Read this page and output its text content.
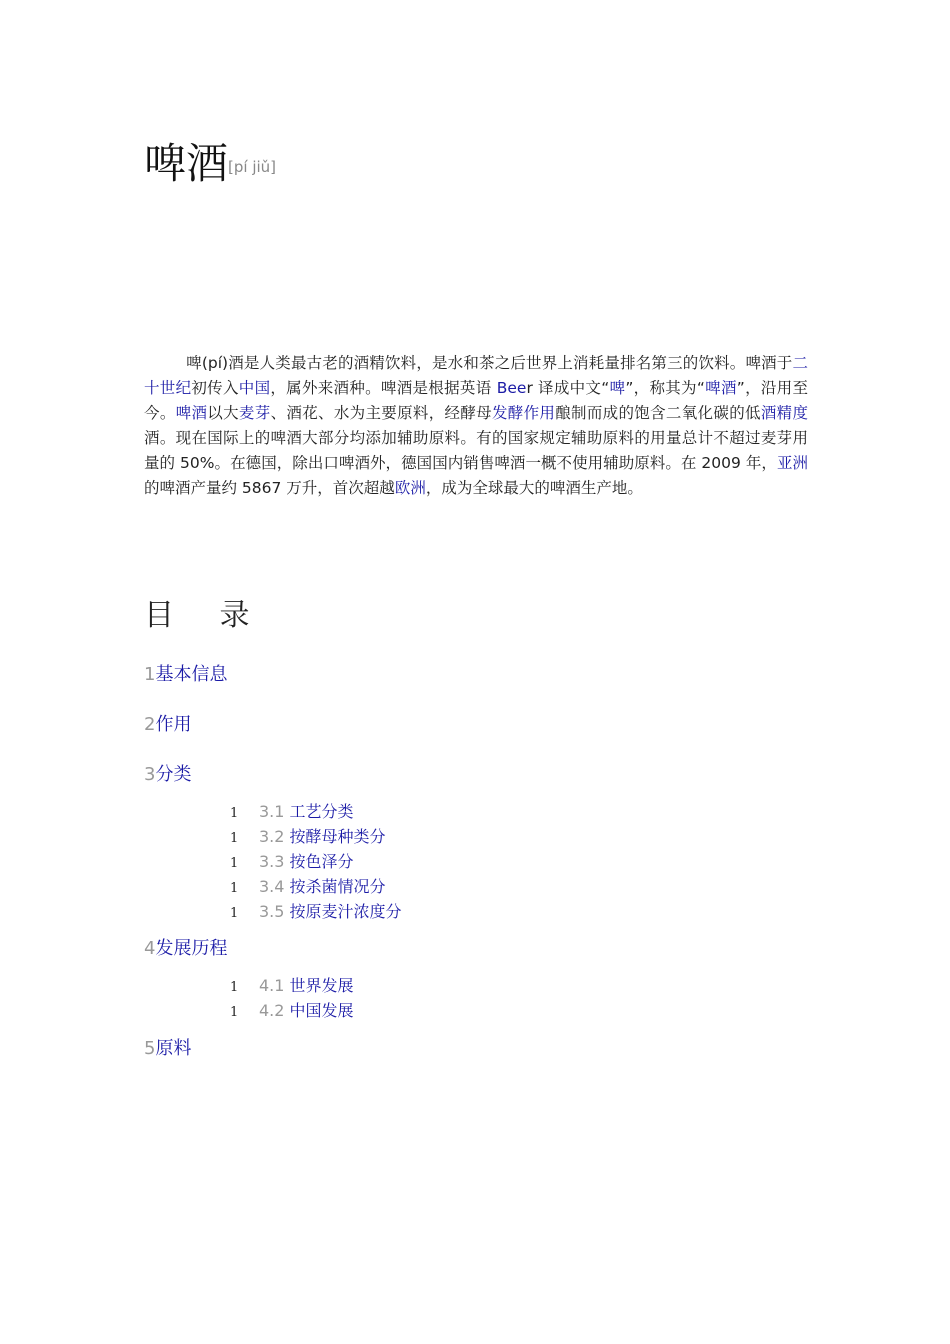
啤酒[pí jiǔ]

啤(pí)酒是人类最古老的酒精饮料，是水和茶之后世界上消耗量排名第三的饮料。啤酒于二十世纪初传入中国，属外来酒种。啤酒是根据英语 Beer 译成中文“啤”，称其为“啤酒”，沿用至今。啤酒以大麦芽、酒花、水为主要原料，经酵母发酵作用酿制而成的饱含二氧化碳的低酒精度酒。现在国际上的啤酒大部分均添加辅助原料。有的国家规定辅助原料的用量总计不超过麦芽用量的 50%。在德国，除出口啤酒外，德国国内销售啤酒一概不使用辅助原料。在 2009 年，亚洲的啤酒产量约 5867 万升，首次超越欧洲，成为全球最大的啤酒生产地。

目 录
1基本信息
2作用
3分类
1 3.1 工艺分类
1 3.2 按酵母种类分
1 3.3 按色泽分
1 3.4 按杀菌情况分
1 3.5 按原麦汁浓度分
4发展历程
1 4.1 世界发展
1 4.2 中国发展
5原料
